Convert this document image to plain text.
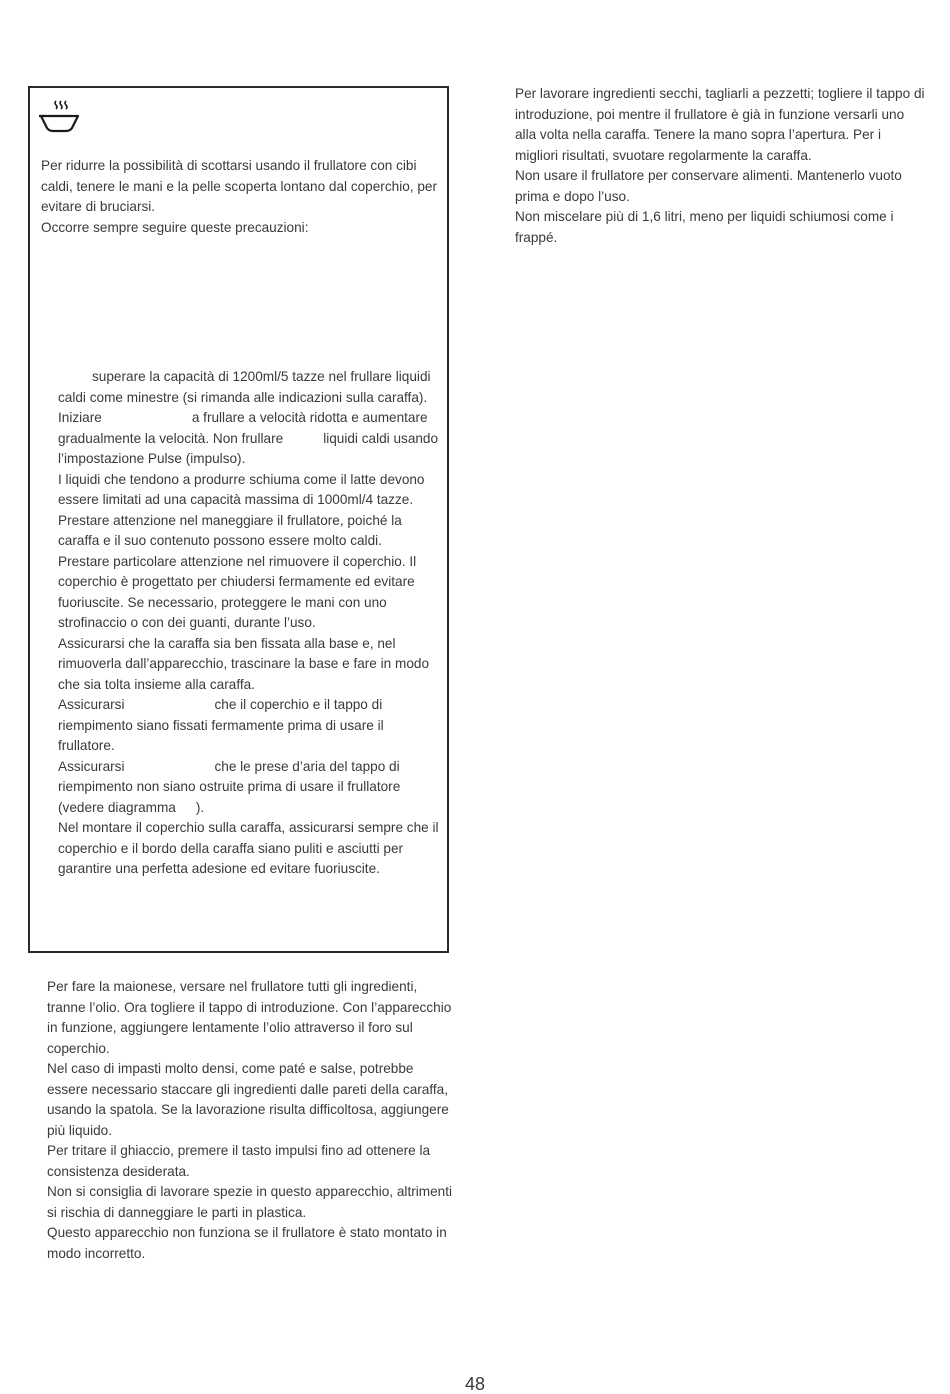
Per ridurre la possibilità di scottarsi usando il frullatore con cibi caldi, tenere le mani e la pelle scoperta lontano dal coperchio, per evitare di bruciarsi.

Occorre sempre seguire queste precauzioni:

superare la capacità di 1200ml/5 tazze nel frullare liquidi caldi come minestre (si rimanda alle indicazioni sulla caraffa).

Iniziare	a frullare a velocità ridotta e aumentare gradualmente la velocità. Non frullare	liquidi caldi usando l’impostazione Pulse (impulso).

I liquidi che tendono a produrre schiuma come il latte devono essere limitati ad una capacità massima di 1000ml/4 tazze.

Prestare attenzione nel maneggiare il frullatore, poiché la caraffa e il suo contenuto possono essere molto caldi.

Prestare particolare attenzione nel rimuovere il coperchio. Il coperchio è progettato per chiudersi fermamente ed evitare fuoriuscite. Se necessario, proteggere le mani con uno strofinaccio o con dei guanti, durante l’uso.

Assicurarsi che la caraffa sia ben fissata alla base e, nel rimuoverla dall’apparecchio, trascinare la base e fare in modo che sia tolta insieme alla caraffa.

Assicurarsi	che il coperchio e il tappo di riempimento siano fissati fermamente prima di usare il frullatore.

Assicurarsi	che le prese d’aria del tappo di riempimento non siano ostruite prima di usare il frullatore (vedere diagramma ).

Nel montare il coperchio sulla caraffa, assicurarsi sempre che il coperchio e il bordo della caraffa siano puliti e asciutti per garantire una perfetta adesione ed evitare fuoriuscite.

Per fare la maionese, versare nel frullatore tutti gli ingredienti, tranne l’olio. Ora togliere il tappo di introduzione. Con l’apparecchio in funzione, aggiungere lentamente l’olio attraverso il foro sul coperchio.

Nel caso di impasti molto densi, come paté e salse, potrebbe essere necessario staccare gli ingredienti dalle pareti della caraffa, usando la spatola. Se la lavorazione risulta difficoltosa, aggiungere più liquido.

Per tritare il ghiaccio, premere il tasto impulsi fino ad ottenere la consistenza desiderata.

Non si consiglia di lavorare spezie in questo apparecchio, altrimenti si rischia di danneggiare le parti in plastica.

Questo apparecchio non funziona se il frullatore è stato montato in modo incorretto.

Per lavorare ingredienti secchi, tagliarli a pezzetti; togliere il tappo di introduzione, poi mentre il frullatore è già in funzione versarli uno alla volta nella caraffa. Tenere la mano sopra l’apertura. Per i migliori risultati, svuotare regolarmente la caraffa.

Non usare il frullatore per conservare alimenti. Mantenerlo vuoto prima e dopo l’uso.

Non miscelare più di 1,6 litri, meno per liquidi schiumosi come i frappé.

48
